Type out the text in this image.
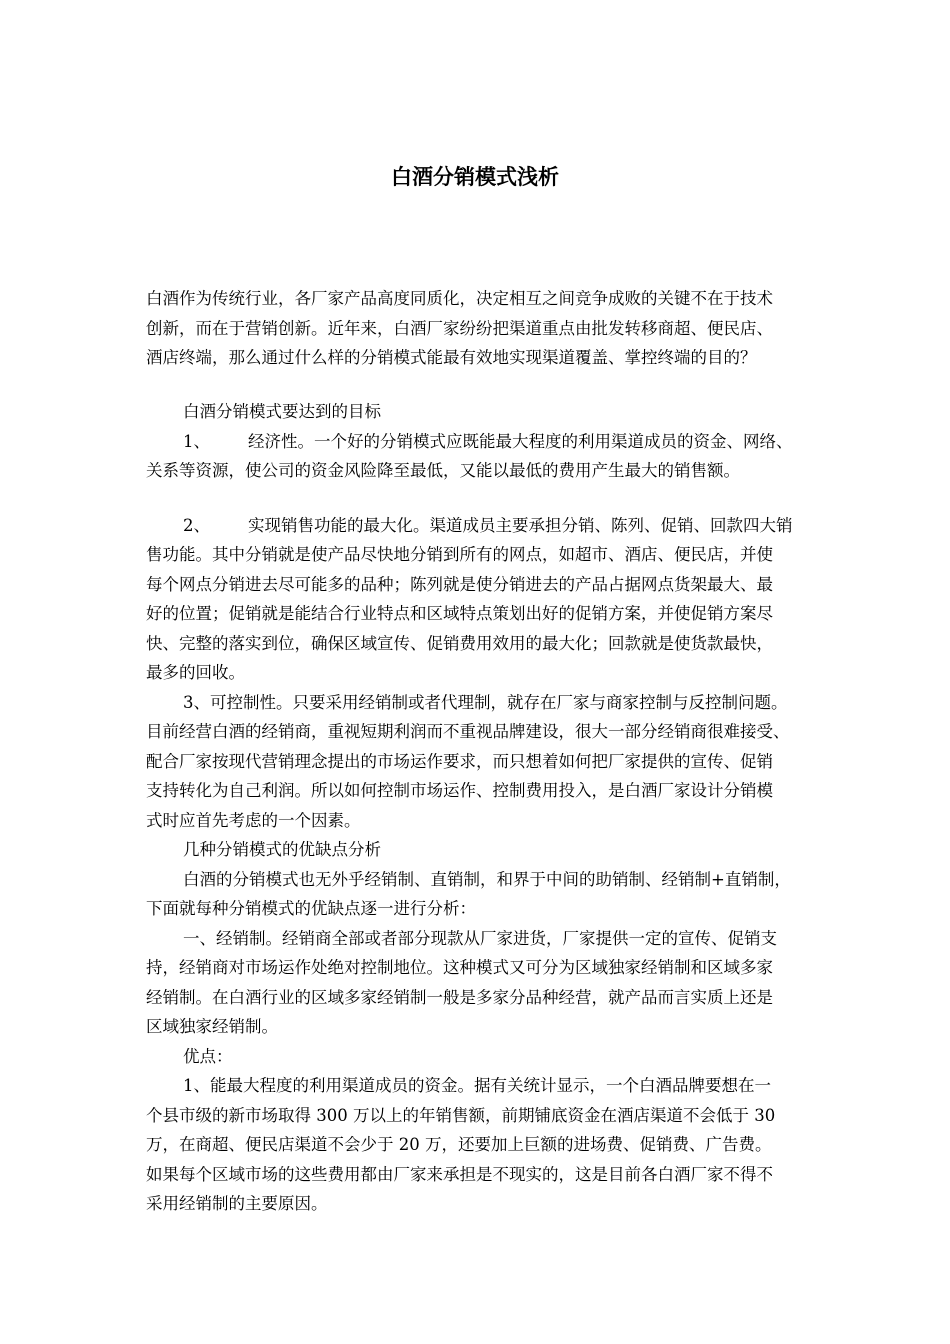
白酒分销模式浅析
白酒作为传统行业，各厂家产品高度同质化，决定相互之间竞争成败的关键不在于技术
创新，而在于营销创新。近年来，白酒厂家纷纷把渠道重点由批发转移商超、便民店、
酒店终端，那么通过什么样的分销模式能最有效地实现渠道覆盖、掌控终端的目的？
白酒分销模式要达到的目标
1、 经济性。一个好的分销模式应既能最大程度的利用渠道成员的资金、网络、
关系等资源，使公司的资金风险降至最低，又能以最低的费用产生最大的销售额。
2、 实现销售功能的最大化。渠道成员主要承担分销、陈列、促销、回款四大销
售功能。其中分销就是使产品尽快地分销到所有的网点，如超市、酒店、便民店，并使
每个网点分销进去尽可能多的品种；陈列就是使分销进去的产品占据网点货架最大、最
好的位置；促销就是能结合行业特点和区域特点策划出好的促销方案，并使促销方案尽
快、完整的落实到位，确保区域宣传、促销费用效用的最大化；回款就是使货款最快，
最多的回收。
3、可控制性。只要采用经销制或者代理制，就存在厂家与商家控制与反控制问题。
目前经营白酒的经销商，重视短期利润而不重视品牌建设，很大一部分经销商很难接受、
配合厂家按现代营销理念提出的市场运作要求，而只想着如何把厂家提供的宣传、促销
支持转化为自己利润。所以如何控制市场运作、控制费用投入，是白酒厂家设计分销模
式时应首先考虑的一个因素。
几种分销模式的优缺点分析
白酒的分销模式也无外乎经销制、直销制，和界于中间的助销制、经销制+直销制，
下面就每种分销模式的优缺点逐一进行分析：
一、经销制。经销商全部或者部分现款从厂家进货，厂家提供一定的宣传、促销支
持，经销商对市场运作处绝对控制地位。这种模式又可分为区域独家经销制和区域多家
经销制。在白酒行业的区域多家经销制一般是多家分品种经营，就产品而言实质上还是
区域独家经销制。
优点：
1、能最大程度的利用渠道成员的资金。据有关统计显示，一个白酒品牌要想在一
个县市级的新市场取得 300 万以上的年销售额，前期铺底资金在酒店渠道不会低于 30
万，在商超、便民店渠道不会少于 20 万，还要加上巨额的进场费、促销费、广告费。
如果每个区域市场的这些费用都由厂家来承担是不现实的，这是目前各白酒厂家不得不
采用经销制的主要原因。
